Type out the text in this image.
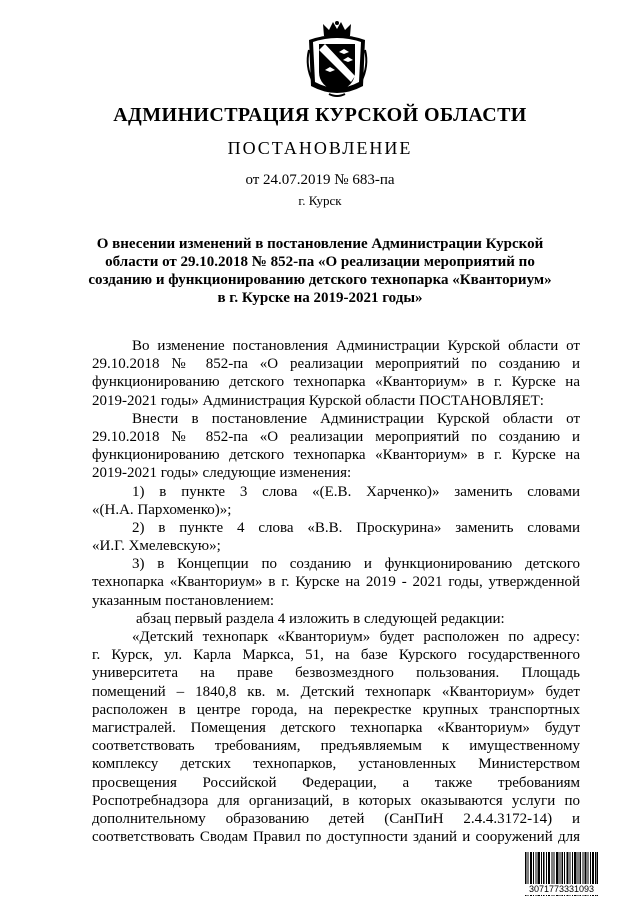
АДМИНИСТРАЦИЯ КУРСКОЙ ОБЛАСТИ
ПОСТАНОВЛЕНИЕ
от 24.07.2019 № 683-па
г. Курск
О внесении изменений в постановление Администрации Курской
области от 29.10.2018 № 852-па «О реализации мероприятий по
созданию и функционированию детского технопарка «Кванториум»
в г. Курске на 2019-2021 годы»
Во изменение постановления Администрации Курской области от
29.10.2018 № 852-па «О реализации мероприятий по созданию и
функционированию детского технопарка «Кванториум» в г. Курске на
2019-2021 годы» Администрация Курской области ПОСТАНОВЛЯЕТ:
Внести в постановление Администрации Курской области от
29.10.2018 № 852-па «О реализации мероприятий по созданию и
функционированию детского технопарка «Кванториум» в г. Курске на
2019-2021 годы» следующие изменения:
1) в пункте 3 слова «(Е.В. Харченко)» заменить словами
«(Н.А. Пархоменко)»;
2) в пункте 4 слова «В.В. Проскурина» заменить словами
«И.Г. Хмелевскую»;
3) в Концепции по созданию и функционированию детского
технопарка «Кванториум» в г. Курске на 2019 - 2021 годы, утвержденной
указанным постановлением:
абзац первый раздела 4 изложить в следующей редакции:
«Детский технопарк «Кванториум» будет расположен по адресу:
г. Курск, ул. Карла Маркса, 51, на базе Курского государственного
университета на праве безвозмездного пользования. Площадь
помещений – 1840,8 кв. м. Детский технопарк «Кванториум» будет
расположен в центре города, на перекрестке крупных транспортных
магистралей. Помещения детского технопарка «Кванториум» будут
соответствовать требованиям, предъявляемым к имущественному
комплексу детских технопарков, установленных Министерством
просвещения Российской Федерации, а также требованиям
Роспотребнадзора для организаций, в которых оказываются услуги по
дополнительному образованию детей (СанПиН 2.4.4.3172-14) и
соответствовать Сводам Правил по доступности зданий и сооружений для
3071773331093
